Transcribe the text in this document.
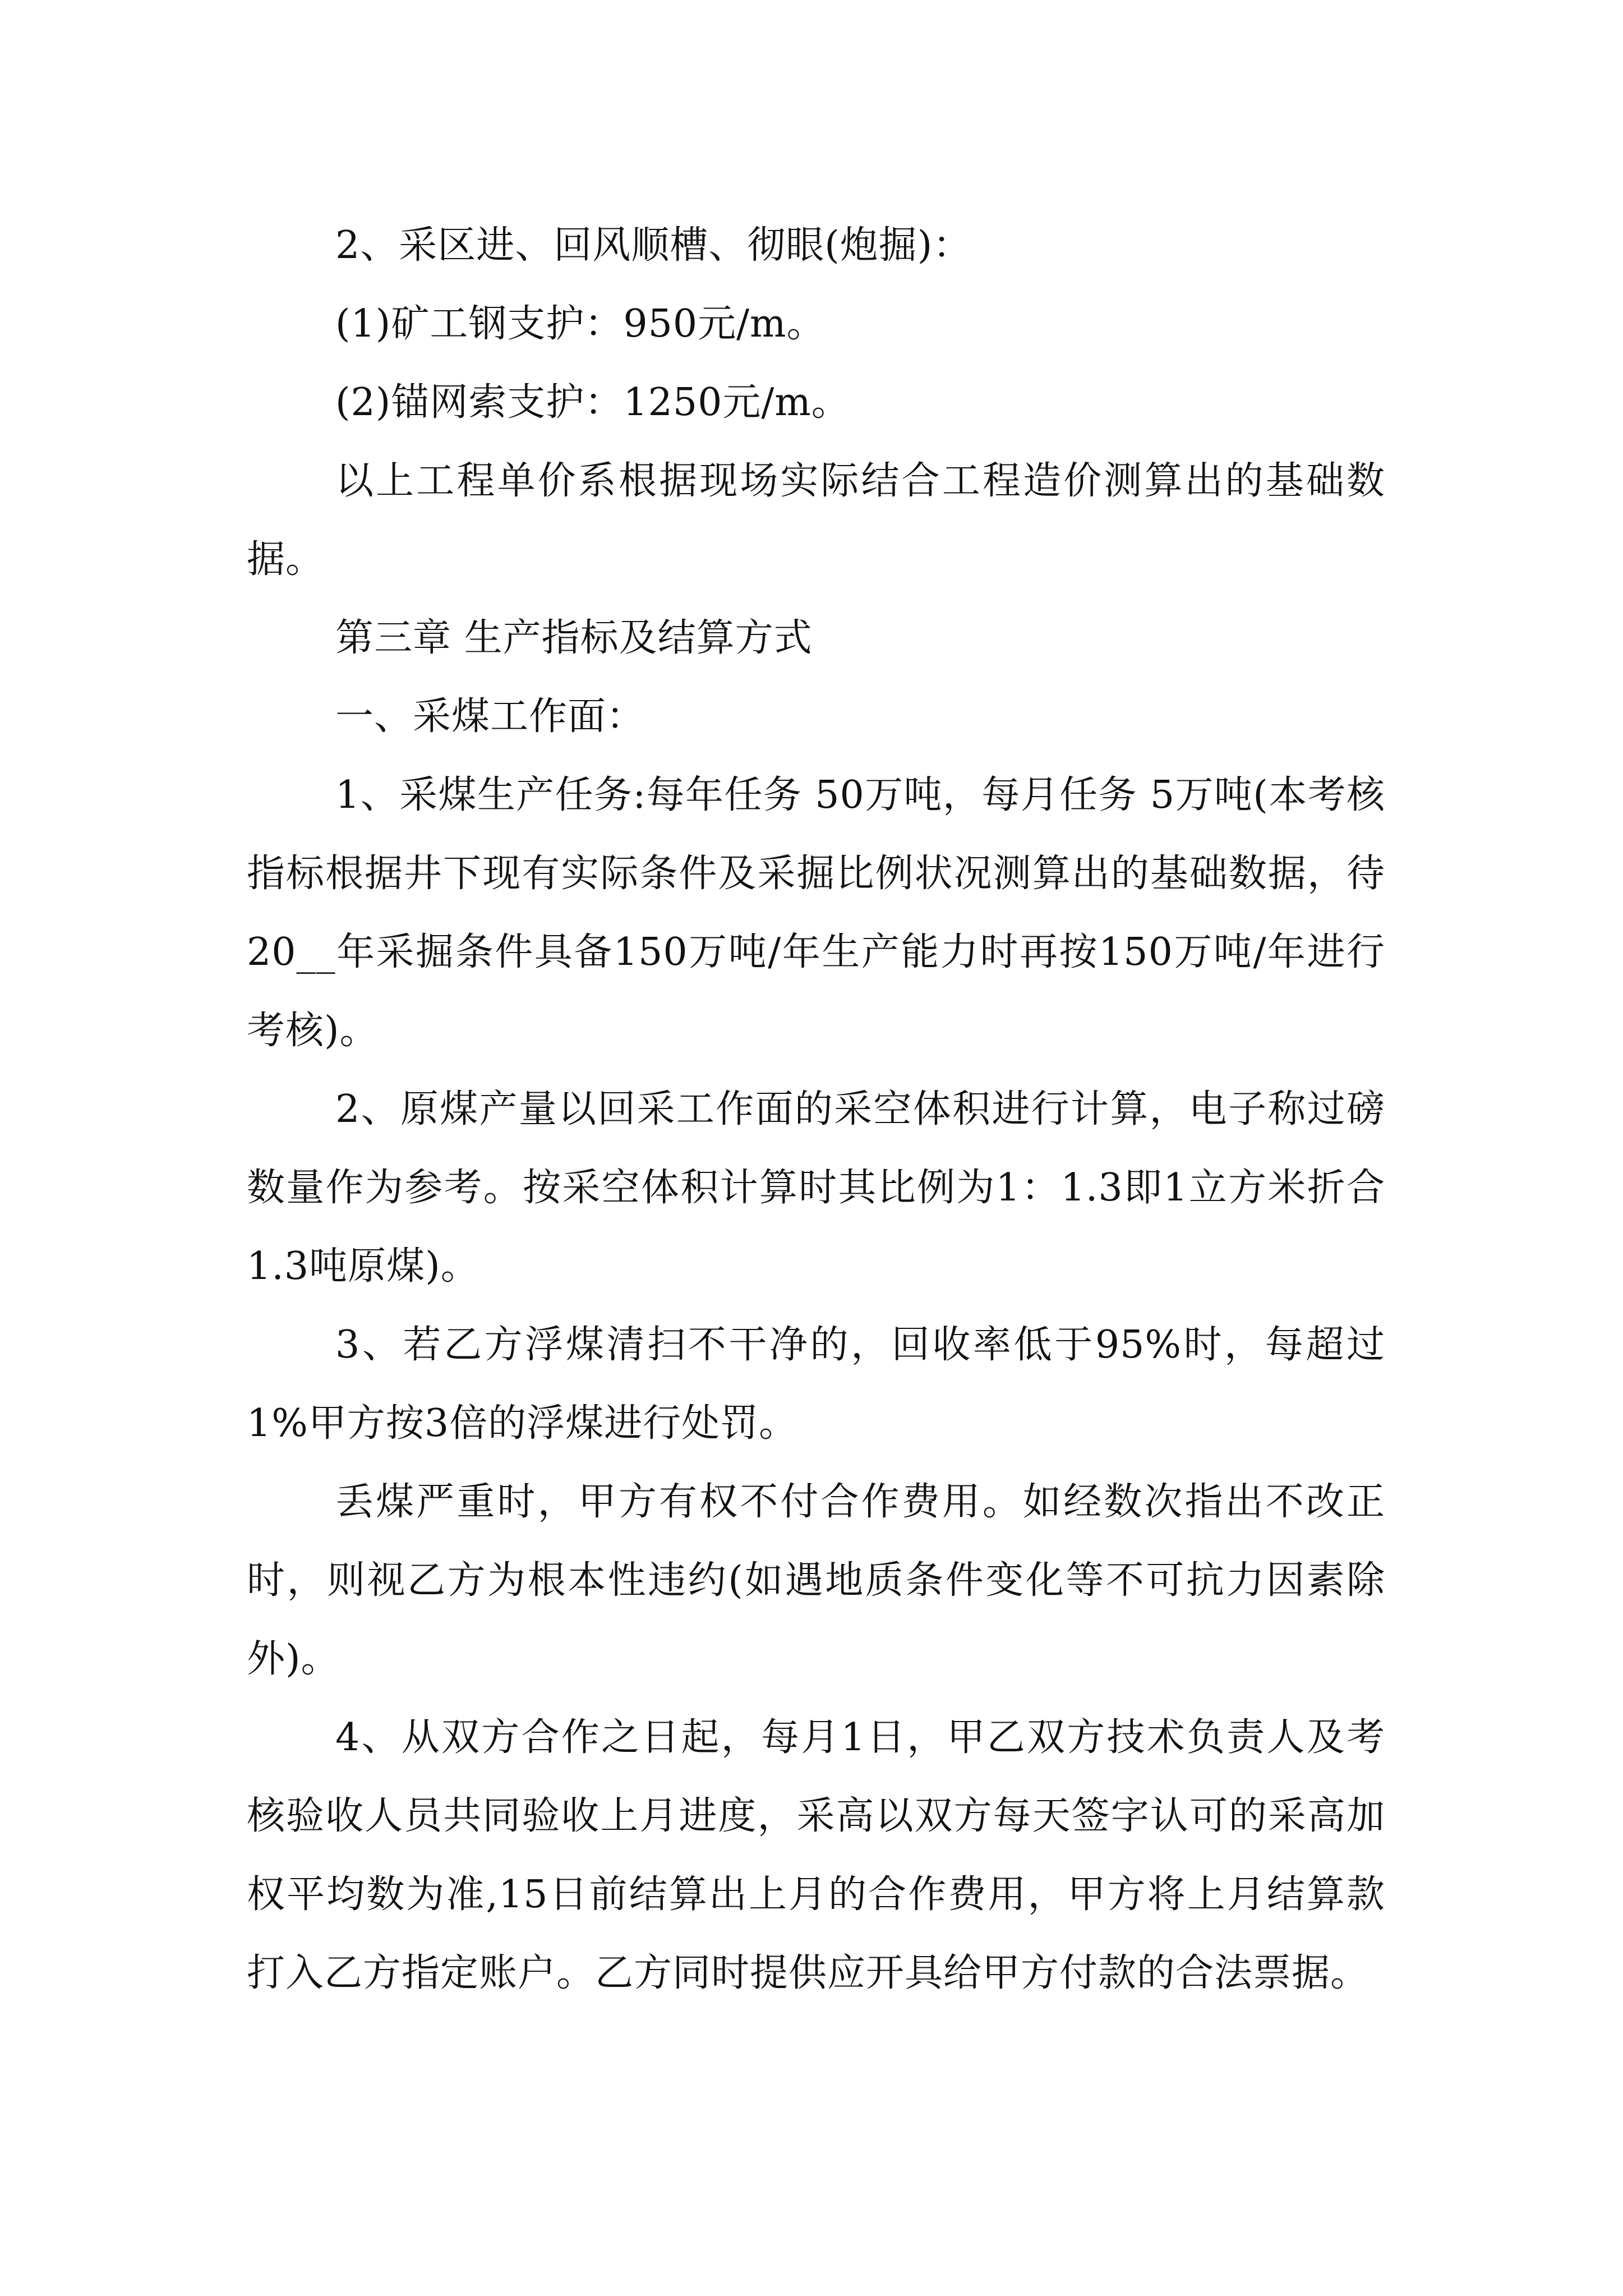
2、采区进、回风顺槽、彻眼(炮掘)：

(1)矿工钢支护：950元/m。

(2)锚网索支护：1250元/m。

以上工程单价系根据现场实际结合工程造价测算出的基础数据。

第三章 生产指标及结算方式

一、采煤工作面：

1、采煤生产任务:每年任务 50万吨，每月任务 5万吨(本考核指标根据井下现有实际条件及采掘比例状况测算出的基础数据，待20__年采掘条件具备150万吨/年生产能力时再按150万吨/年进行考核)。

2、原煤产量以回采工作面的采空体积进行计算，电子称过磅数量作为参考。按采空体积计算时其比例为1：1.3即1立方米折合1.3吨原煤)。

3、若乙方浮煤清扫不干净的，回收率低于95%时，每超过1%甲方按3倍的浮煤进行处罚。

丢煤严重时，甲方有权不付合作费用。如经数次指出不改正时，则视乙方为根本性违约(如遇地质条件变化等不可抗力因素除外)。

4、从双方合作之日起，每月1日，甲乙双方技术负责人及考核验收人员共同验收上月进度，采高以双方每天签字认可的采高加权平均数为准,15日前结算出上月的合作费用，甲方将上月结算款打入乙方指定账户。乙方同时提供应开具给甲方付款的合法票据。
